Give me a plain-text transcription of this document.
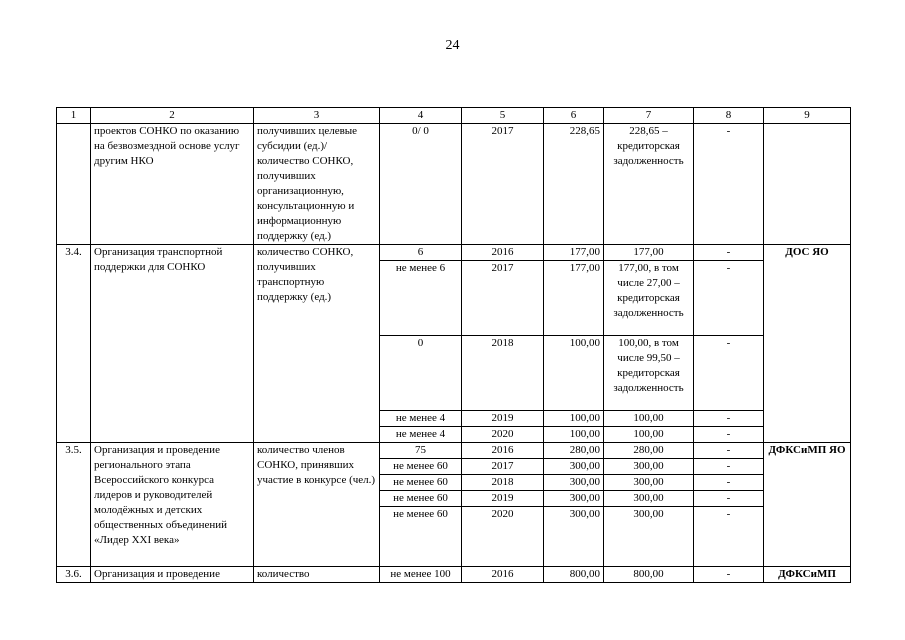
24
1	2	3	4	5	6	7	8	9
	проектов СОНКО по оказанию на безвозмездной основе услуг другим НКО	получивших целевые субсидии (ед.)/ количество СОНКО, получивших организационную, консультационную и информационную поддержку (ед.)	0/ 0	2017	228,65	228,65 – кредиторская задолженность	-	
3.4.	Организация транспортной поддержки для СОНКО	количество СОНКО, получивших транспортную поддержку (ед.)	6	2016	177,00	177,00	-	ДОС ЯО
			не менее 6	2017	177,00	177,00, в том числе 27,00 – кредиторская задолженность	-	
			0	2018	100,00	100,00, в том числе 99,50 – кредиторская задолженность	-	
			не менее 4	2019	100,00	100,00	-	
			не менее 4	2020	100,00	100,00	-	
3.5.	Организация и проведение регионального этапа Всероссийского конкурса лидеров и руководителей молодёжных и детских общественных объединений «Лидер XXI века»	количество членов СОНКО, принявших участие в конкурсе (чел.)	75	2016	280,00	280,00	-	ДФКСиМП ЯО
			не менее 60	2017	300,00	300,00	-	
			не менее 60	2018	300,00	300,00	-	
			не менее 60	2019	300,00	300,00	-	
			не менее 60	2020	300,00	300,00	-	
3.6.	Организация и проведение	количество	не менее 100	2016	800,00	800,00	-	ДФКСиМП
